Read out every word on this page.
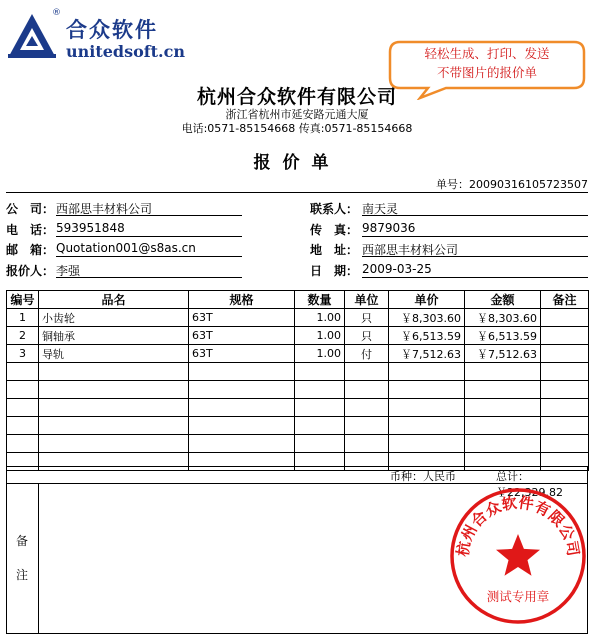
®
合众软件
unitedsoft.cn	轻松生成、打印、发送
不带图片的报价单
杭州合众软件有限公司
浙江省杭州市延安路元通大厦
电话:0571-85154668 传真:0571-85154668
报价单
单号：20090316105723507
公　司： 西部思丰材料公司
电　话： 593951848
邮　箱： Quotation001@s8as.cn
报价人： 李强
联系人： 南天灵
传　真： 9879036
地　址： 西部思丰材料公司
日　期： 2009-03-25
编号	品名	规格	数量	单位	单价	金额	备注
1	小齿轮	63T	1.00	只	￥8,303.60	￥8,303.60	
2	铜轴承	63T	1.00	只	￥6,513.59	￥6,513.59	
3	导轨	63T	1.00	付	￥7,512.63	￥7,512.63	

币种：人民币	总计：￥22,329.82
备
注
杭州合众软件有限公司
测试专用章
